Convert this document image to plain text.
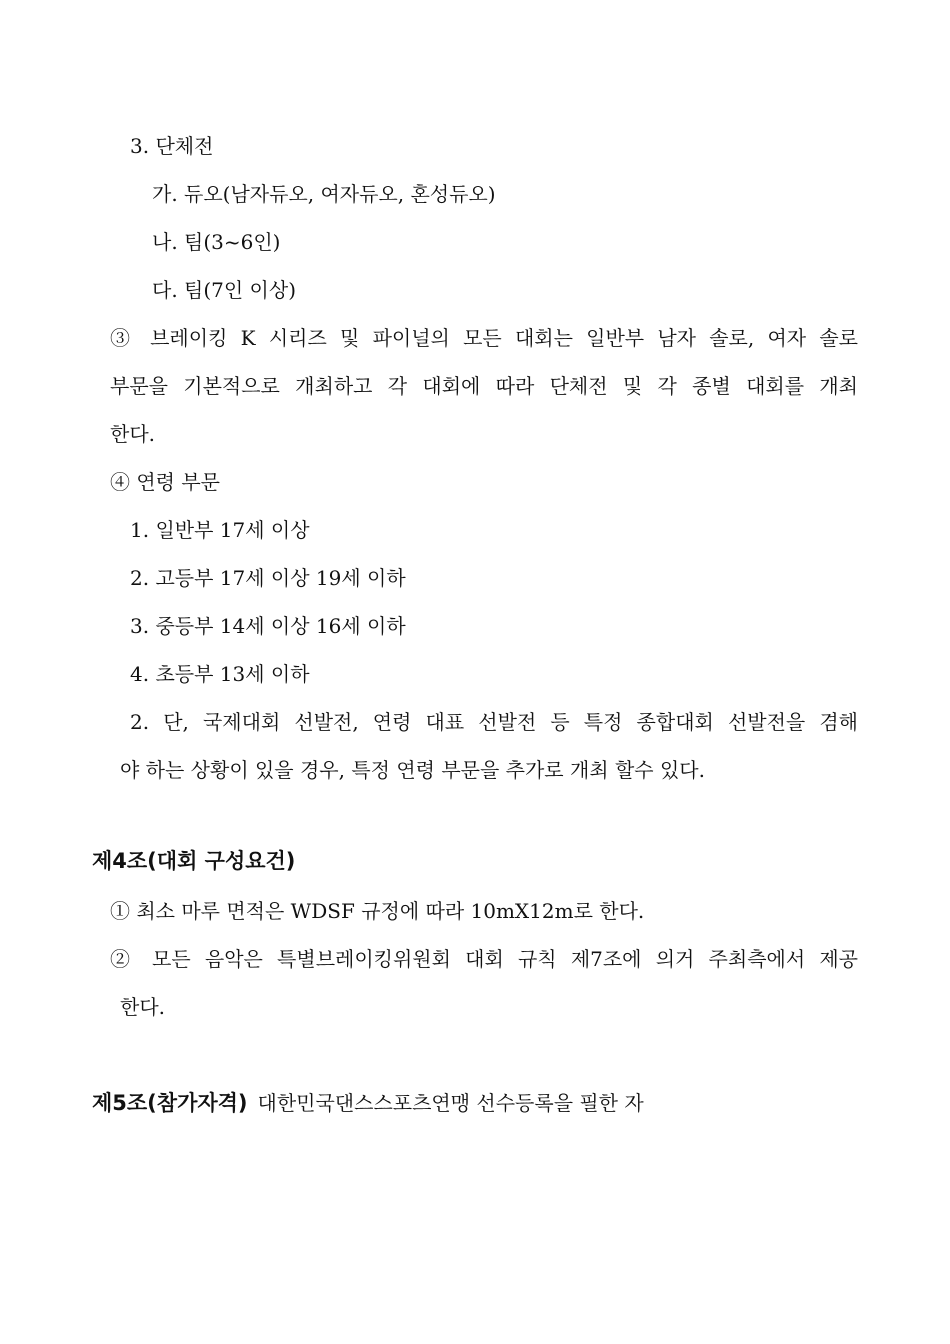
3. 단체전
가. 듀오(남자듀오, 여자듀오, 혼성듀오)
나. 팀(3~6인)
다. 팀(7인 이상)
③ 브레이킹 K 시리즈 및 파이널의 모든 대회는 일반부 남자 솔로, 여자 솔로
부문을 기본적으로 개최하고 각 대회에 따라 단체전 및 각 종별 대회를 개최
한다.
④ 연령 부문
1. 일반부 17세 이상
2. 고등부 17세 이상 19세 이하
3. 중등부 14세 이상 16세 이하
4. 초등부 13세 이하
2. 단, 국제대회 선발전, 연령 대표 선발전 등 특정 종합대회 선발전을 겸해
야 하는 상황이 있을 경우, 특정 연령 부문을 추가로 개최 할수 있다.
제4조(대회 구성요건)
① 최소 마루 면적은 WDSF 규정에 따라 10mX12m로 한다.
② 모든 음악은 특별브레이킹위원회 대회 규칙 제7조에 의거 주최측에서 제공
한다.
제5조(참가자격) 대한민국댄스스포츠연맹 선수등록을 필한 자
